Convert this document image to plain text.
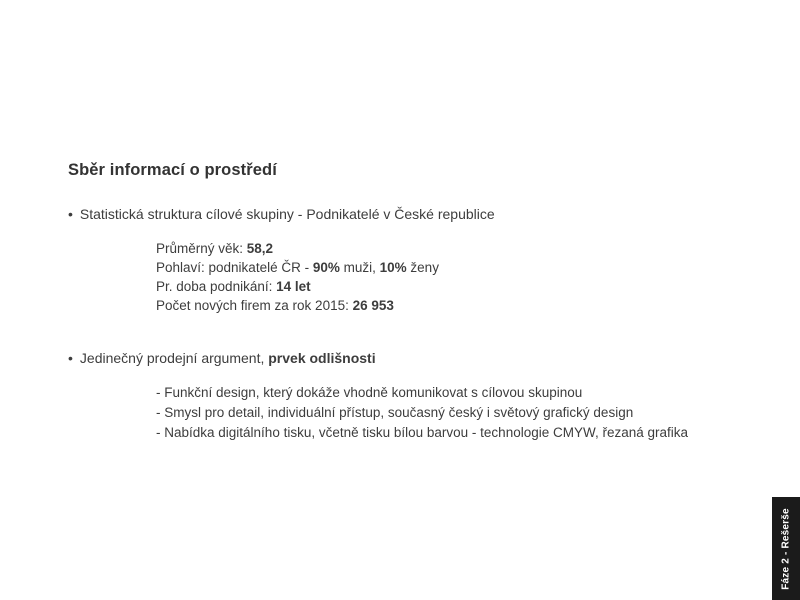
Sběr informací o prostředí
• Statistická struktura cílové skupiny - Podnikatelé v České republice
Průměrný věk: 58,2
Pohlaví: podnikatelé ČR - 90% muži, 10% ženy
Pr. doba podnikání: 14 let
Počet nových firem za rok 2015: 26 953
• Jedinečný prodejní argument, prvek odlišnosti
- Funkční design, který dokáže vhodně komunikovat s cílovou skupinou
- Smysl pro detail, individuální přístup, současný český i světový grafický design
- Nabídka digitálního tisku, včetně tisku bílou barvou - technologie CMYW, řezaná grafika
Fáze 2 - Rešerše
